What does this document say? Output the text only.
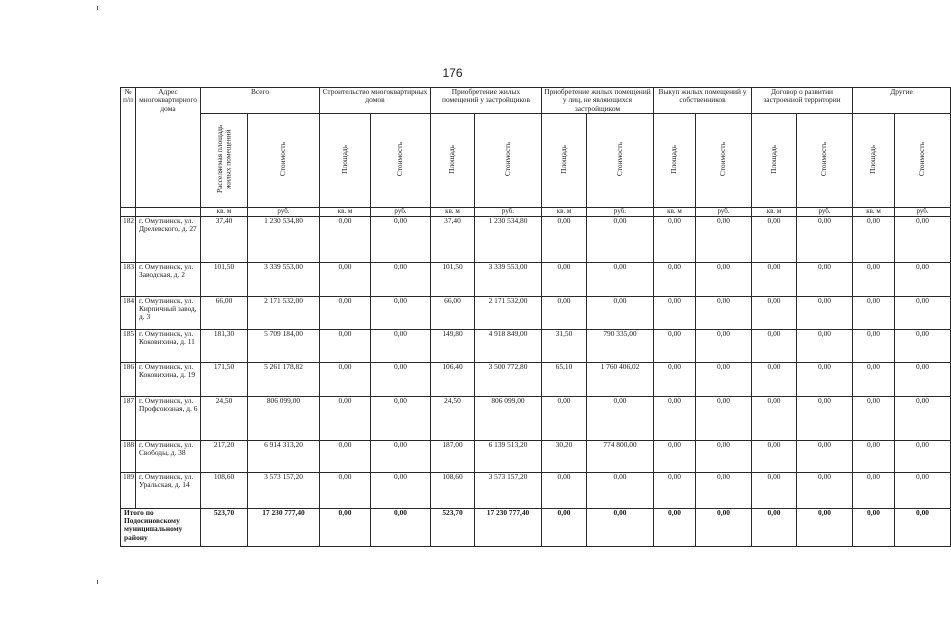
176
№ п/п	Адрес многоквартирного дома	Всего		Строительство многоквартирных домов		Приобретение жилых помещений у застройщиков		Приобретение жилых помещений у лиц, не являющихся застройщиком		Выкуп жилых помещений у собственников		Договор о развитии застроенной территории		Другие	
		Расселяемая площадь жилых помещений	Стоимость	Площадь	Стоимость	Площадь	Стоимость	Площадь	Стоимость	Площадь	Стоимость	Площадь	Стоимость	Площадь	Стоимость
		кв. м	руб.	кв. м	руб.	кв. м	руб.	кв. м	руб.	кв. м	руб.	кв. м	руб.	кв. м	руб.
182	г. Омутнинск, ул. Дрелевского, д. 27	37,40	1 230 534,80	0,00	0,00	37,40	1 230 534,80	0,00	0,00	0,00	0,00	0,00	0,00	0,00	0,00
183	г. Омутнинск, ул. Заводская, д. 2	101,50	3 339 553,00	0,00	0,00	101,50	3 339 553,00	0,00	0,00	0,00	0,00	0,00	0,00	0,00	0,00
184	г. Омутнинск, ул. Кирпичный завод, д. 3	66,00	2 171 532,00	0,00	0,00	66,00	2 171 532,00	0,00	0,00	0,00	0,00	0,00	0,00	0,00	0,00
185	г. Омутнинск, ул. Коковихина, д. 11	181,30	5 709 184,00	0,00	0,00	149,80	4 918 849,00	31,50	790 335,00	0,00	0,00	0,00	0,00	0,00	0,00
186	г. Омутнинск, ул. Коковихина, д. 19	171,50	5 261 178,82	0,00	0,00	106,40	3 500 772,80	65,10	1 760 406,02	0,00	0,00	0,00	0,00	0,00	0,00
187	г. Омутнинск, ул. Профсоюзная, д. 6	24,50	806 099,00	0,00	0,00	24,50	806 099,00	0,00	0,00	0,00	0,00	0,00	0,00	0,00	0,00
188	г. Омутнинск, ул. Свободы, д. 38	217,20	6 914 313,20	0,00	0,00	187,00	6 139 513,20	30,20	774 800,00	0,00	0,00	0,00	0,00	0,00	0,00
189	г. Омутнинск, ул. Уральская, д. 14	108,60	3 573 157,20	0,00	0,00	108,60	3 573 157,20	0,00	0,00	0,00	0,00	0,00	0,00	0,00	0,00
Итого по Подосиновскому муниципальному району		523,70	17 230 777,40	0,00	0,00	523,70	17 230 777,40	0,00	0,00	0,00	0,00	0,00	0,00	0,00	0,00
